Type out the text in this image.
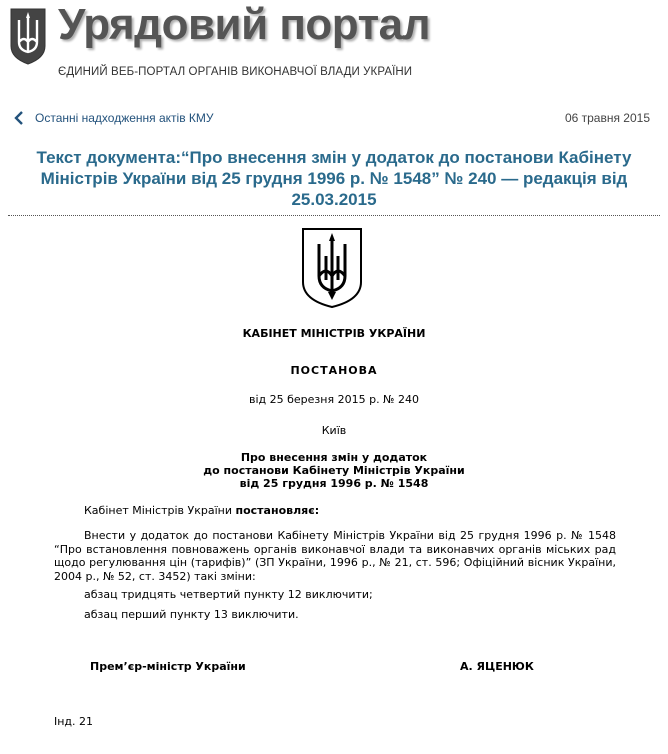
Урядовий портал
ЄДИНИЙ ВЕБ-ПОРТАЛ ОРГАНІВ ВИКОНАВЧОЇ ВЛАДИ УКРАЇНИ
Останні надходження актів КМУ	06 травня 2015
Текст документа:“Про внесення змін у додаток до постанови Кабінету Міністрів України від 25 грудня 1996 р. № 1548” № 240 — редакція від 25.03.2015
КАБІНЕТ МІНІСТРІВ УКРАЇНИ
ПОСТАНОВА
від 25 березня 2015 р. № 240
Київ
Про внесення змін у додаток
до постанови Кабінету Міністрів України
від 25 грудня 1996 р. № 1548
Кабінет Міністрів України постановляє:
Внести у додаток до постанови Кабінету Міністрів України від 25 грудня 1996 р. № 1548 “Про встановлення повноважень органів виконавчої влади та виконавчих органів міських рад щодо регулювання цін (тарифів)” (ЗП України, 1996 р., № 21, ст. 596; Офіційний вісник України, 2004 р., № 52, ст. 3452) такі зміни:
абзац тридцять четвертий пункту 12 виключити;
абзац перший пункту 13 виключити.
Прем’єр-міністр України	А. ЯЦЕНЮК
Інд. 21
